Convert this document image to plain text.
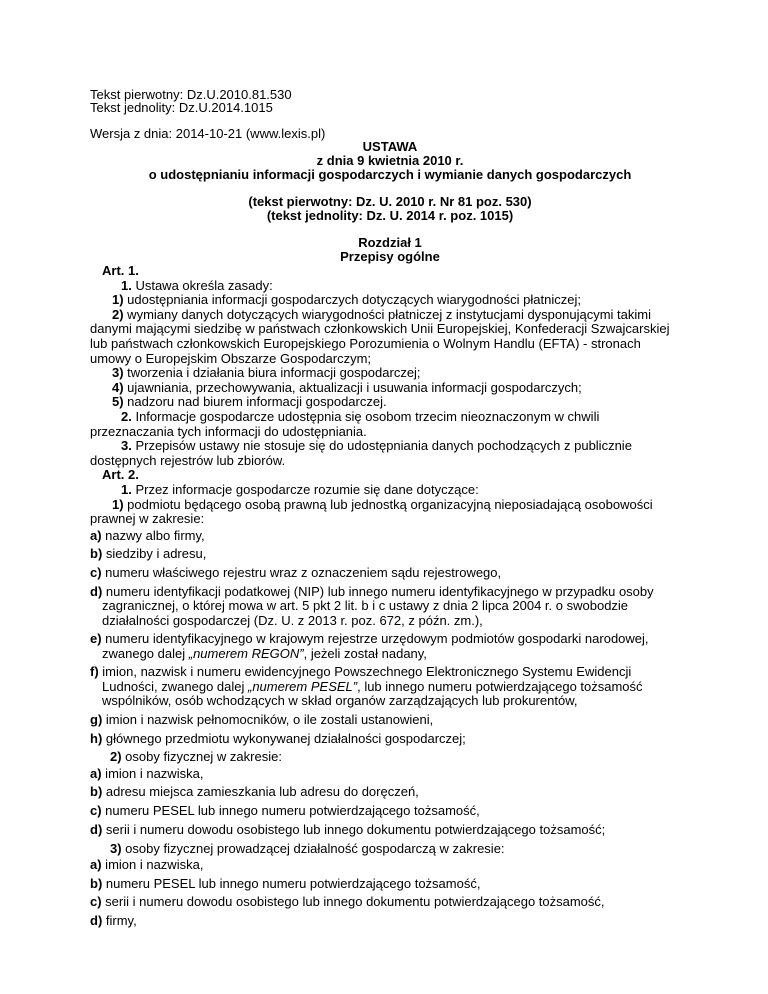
Tekst pierwotny: Dz.U.2010.81.530
Tekst jednolity: Dz.U.2014.1015
Wersja z dnia: 2014-10-21 (www.lexis.pl)
USTAWA
z dnia 9 kwietnia 2010 r.
o udostępnianiu informacji gospodarczych i wymianie danych gospodarczych
(tekst pierwotny: Dz. U. 2010 r. Nr 81 poz. 530)
(tekst jednolity: Dz. U. 2014 r. poz. 1015)
Rozdział 1
Przepisy ogólne
Art. 1.
1. Ustawa określa zasady:
1) udostępniania informacji gospodarczych dotyczących wiarygodności płatniczej;
2) wymiany danych dotyczących wiarygodności płatniczej z instytucjami dysponującymi takimi
danymi mającymi siedzibę w państwach członkowskich Unii Europejskiej, Konfederacji Szwajcarskiej
lub państwach członkowskich Europejskiego Porozumienia o Wolnym Handlu (EFTA) - stronach
umowy o Europejskim Obszarze Gospodarczym;
3) tworzenia i działania biura informacji gospodarczej;
4) ujawniania, przechowywania, aktualizacji i usuwania informacji gospodarczych;
5) nadzoru nad biurem informacji gospodarczej.
2. Informacje gospodarcze udostępnia się osobom trzecim nieoznaczonym w chwili
przeznaczania tych informacji do udostępniania.
3. Przepisów ustawy nie stosuje się do udostępniania danych pochodzących z publicznie
dostępnych rejestrów lub zbiorów.
Art. 2.
1. Przez informacje gospodarcze rozumie się dane dotyczące:
1) podmiotu będącego osobą prawną lub jednostką organizacyjną nieposiadającą osobowości
prawnej w zakresie:
a) nazwy albo firmy,
b) siedziby i adresu,
c) numeru właściwego rejestru wraz z oznaczeniem sądu rejestrowego,
d) numeru identyfikacji podatkowej (NIP) lub innego numeru identyfikacyjnego w przypadku osoby zagranicznej, o której mowa w art. 5 pkt 2 lit. b i c ustawy z dnia 2 lipca 2004 r. o swobodzie działalności gospodarczej (Dz. U. z 2013 r. poz. 672, z późn. zm.),
e) numeru identyfikacyjnego w krajowym rejestrze urzędowym podmiotów gospodarki narodowej, zwanego dalej „numerem REGON”, jeżeli został nadany,
f) imion, nazwisk i numeru ewidencyjnego Powszechnego Elektronicznego Systemu Ewidencji Ludności, zwanego dalej „numerem PESEL”, lub innego numeru potwierdzającego tożsamość wspólników, osób wchodzących w skład organów zarządzających lub prokurentów,
g) imion i nazwisk pełnomocników, o ile zostali ustanowieni,
h) głównego przedmiotu wykonywanej działalności gospodarczej;
2) osoby fizycznej w zakresie:
a) imion i nazwiska,
b) adresu miejsca zamieszkania lub adresu do doręczeń,
c) numeru PESEL lub innego numeru potwierdzającego tożsamość,
d) serii i numeru dowodu osobistego lub innego dokumentu potwierdzającego tożsamość;
3) osoby fizycznej prowadzącej działalność gospodarczą w zakresie:
a) imion i nazwiska,
b) numeru PESEL lub innego numeru potwierdzającego tożsamość,
c) serii i numeru dowodu osobistego lub innego dokumentu potwierdzającego tożsamość,
d) firmy,
